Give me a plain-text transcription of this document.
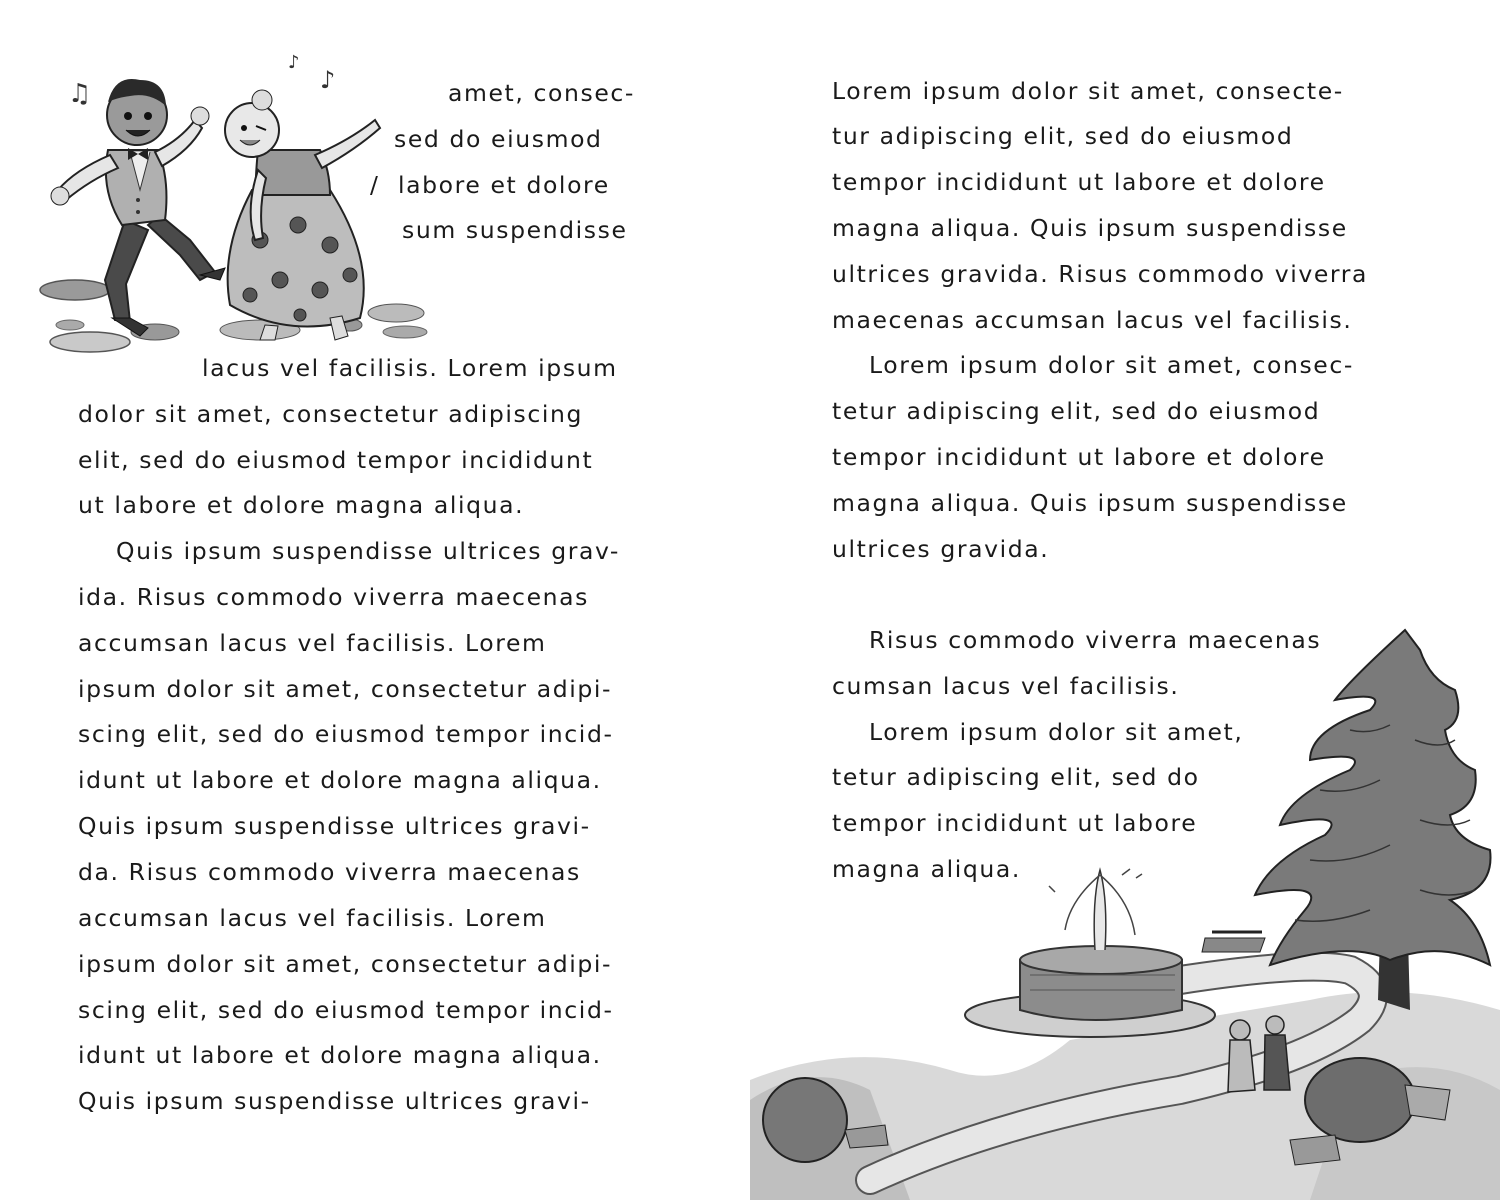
♫
♪
♪	amet, consec-
sed do eiusmod
/ labore et dolore
sum suspendisse
lacus vel facilisis. Lorem ipsum
dolor sit amet, consectetur adipiscing
elit, sed do eiusmod tempor incididunt
ut labore et dolore magna aliqua.
Quis ipsum suspendisse ultrices grav-
ida. Risus commodo viverra maecenas
accumsan lacus vel facilisis. Lorem
ipsum dolor sit amet, consectetur adipi-
scing elit, sed do eiusmod tempor incid-
idunt ut labore et dolore magna aliqua.
Quis ipsum suspendisse ultrices gravi-
da. Risus commodo viverra maecenas
accumsan lacus vel facilisis. Lorem
ipsum dolor sit amet, consectetur adipi-
scing elit, sed do eiusmod tempor incid-
idunt ut labore et dolore magna aliqua.
Quis ipsum suspendisse ultrices gravi-
Lorem ipsum dolor sit amet, consecte-
tur adipiscing elit, sed do eiusmod
tempor incididunt ut labore et dolore
magna aliqua. Quis ipsum suspendisse
ultrices gravida. Risus commodo viverra
maecenas accumsan lacus vel facilisis.
Lorem ipsum dolor sit amet, consec-
tetur adipiscing elit, sed do eiusmod
tempor incididunt ut labore et dolore
magna aliqua. Quis ipsum suspendisse
ultrices gravida.
Risus commodo viverra maecenas
cumsan lacus vel facilisis.
Lorem ipsum dolor sit amet,
tetur adipiscing elit, sed do
tempor incididunt ut labore
magna aliqua.
